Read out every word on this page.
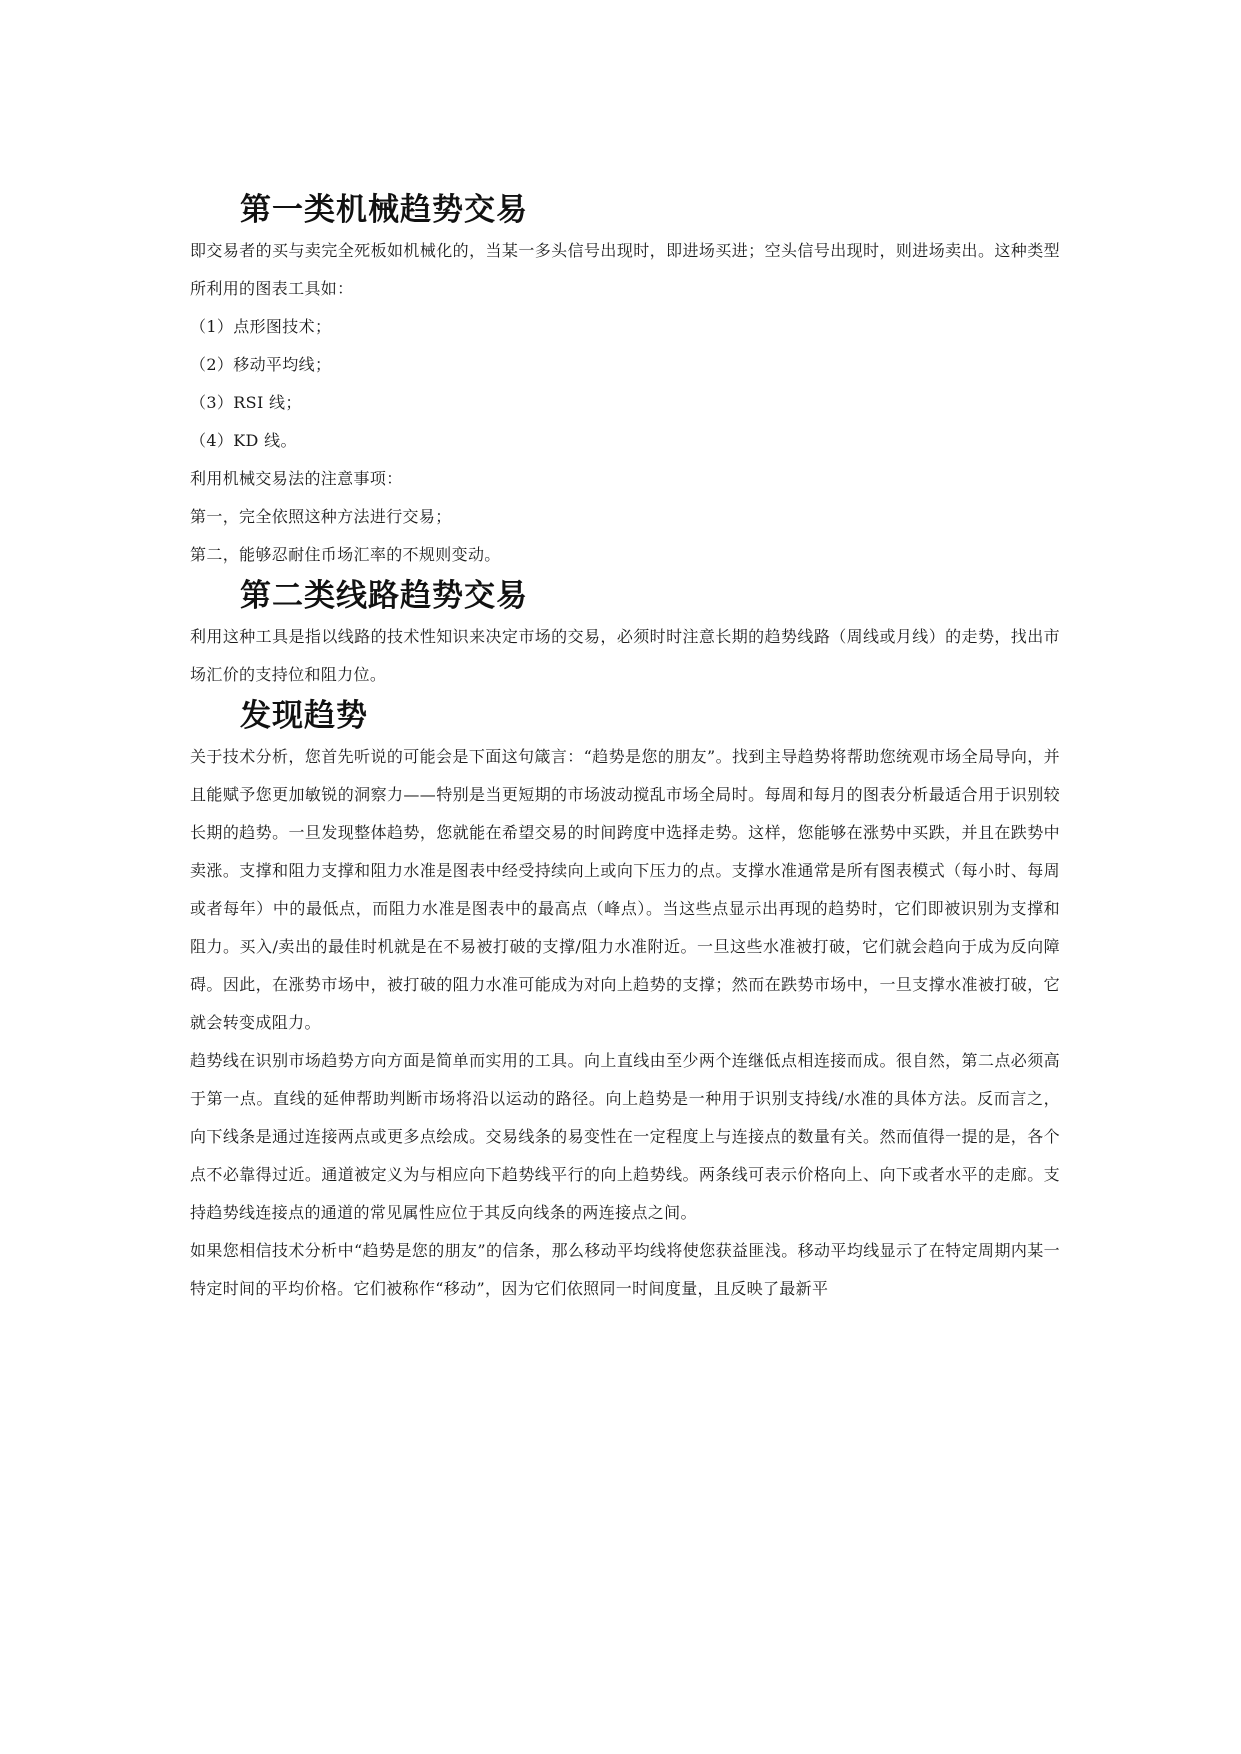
第一类机械趋势交易

即交易者的买与卖完全死板如机械化的，当某一多头信号出现时，即进场买进；空头信号出现时，则进场卖出。这种类型所利用的图表工具如：

（1）点形图技术；

（2）移动平均线；

（3）RSI 线；

（4）KD 线。

利用机械交易法的注意事项：

第一，完全依照这种方法进行交易；

第二，能够忍耐住币场汇率的不规则变动。

第二类线路趋势交易

利用这种工具是指以线路的技术性知识来决定市场的交易，必须时时注意长期的趋势线路（周线或月线）的走势，找出市场汇价的支持位和阻力位。

发现趋势

关于技术分析，您首先听说的可能会是下面这句箴言：“趋势是您的朋友”。找到主导趋势将帮助您统观市场全局导向，并且能赋予您更加敏锐的洞察力——特别是当更短期的市场波动搅乱市场全局时。每周和每月的图表分析最适合用于识别较长期的趋势。一旦发现整体趋势，您就能在希望交易的时间跨度中选择走势。这样，您能够在涨势中买跌，并且在跌势中卖涨。支撑和阻力支撑和阻力水准是图表中经受持续向上或向下压力的点。支撑水准通常是所有图表模式（每小时、每周或者每年）中的最低点，而阻力水准是图表中的最高点（峰点）。当这些点显示出再现的趋势时，它们即被识别为支撑和阻力。买入/卖出的最佳时机就是在不易被打破的支撑/阻力水准附近。一旦这些水准被打破，它们就会趋向于成为反向障碍。因此，在涨势市场中，被打破的阻力水准可能成为对向上趋势的支撑；然而在跌势市场中，一旦支撑水准被打破，它就会转变成阻力。

趋势线在识别市场趋势方向方面是简单而实用的工具。向上直线由至少两个连继低点相连接而成。很自然，第二点必须高于第一点。直线的延伸帮助判断市场将沿以运动的路径。向上趋势是一种用于识别支持线/水准的具体方法。反而言之，向下线条是通过连接两点或更多点绘成。交易线条的易变性在一定程度上与连接点的数量有关。然而值得一提的是，各个点不必靠得过近。通道被定义为与相应向下趋势线平行的向上趋势线。两条线可表示价格向上、向下或者水平的走廊。支持趋势线连接点的通道的常见属性应位于其反向线条的两连接点之间。

如果您相信技术分析中“趋势是您的朋友”的信条，那么移动平均线将使您获益匪浅。移动平均线显示了在特定周期内某一特定时间的平均价格。它们被称作“移动”，因为它们依照同一时间度量，且反映了最新平
